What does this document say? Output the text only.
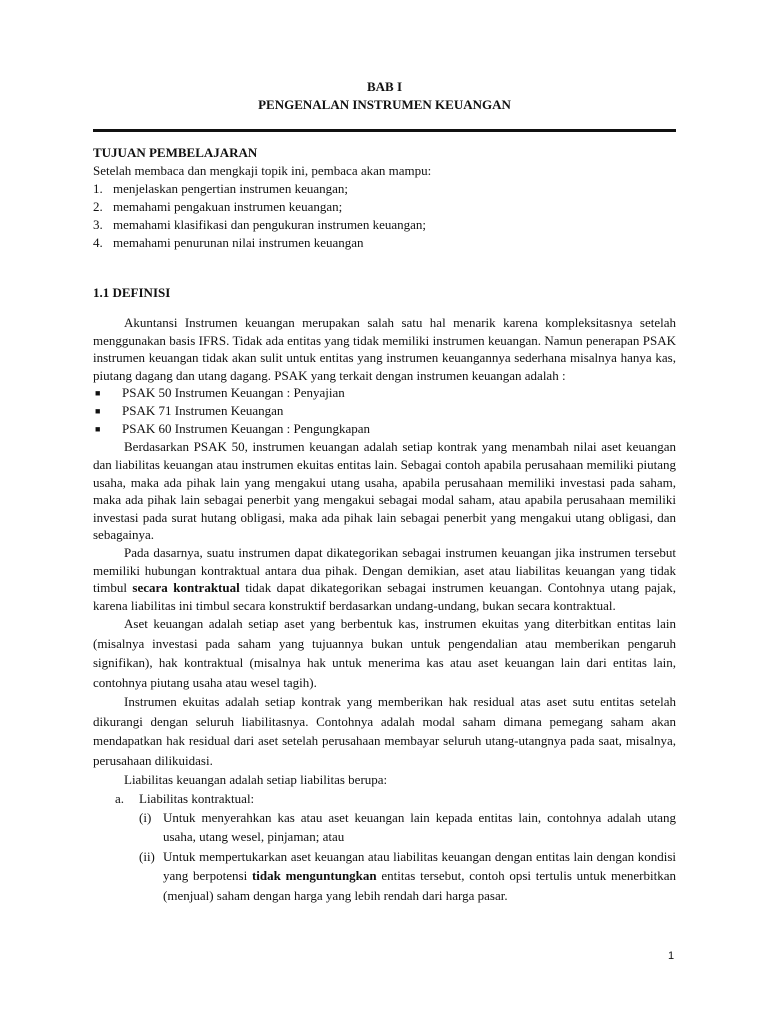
BAB I
PENGENALAN INSTRUMEN KEUANGAN
TUJUAN PEMBELAJARAN
Setelah membaca dan mengkaji topik ini, pembaca akan mampu:
1. menjelaskan pengertian instrumen keuangan;
2. memahami pengakuan instrumen keuangan;
3. memahami klasifikasi dan pengukuran instrumen keuangan;
4. memahami penurunan nilai instrumen keuangan
1.1 DEFINISI

Akuntansi Instrumen keuangan merupakan salah satu hal menarik karena kompleksitasnya setelah menggunakan basis IFRS. Tidak ada entitas yang tidak memiliki instrumen keuangan. Namun penerapan PSAK instrumen keuangan tidak akan sulit untuk entitas yang instrumen keuangannya sederhana misalnya hanya kas, piutang dagang dan utang dagang. PSAK yang terkait dengan instrumen keuangan adalah :

■	PSAK 50 Instrumen Keuangan : Penyajian
■	PSAK 71 Instrumen Keuangan
■	PSAK 60 Instrumen Keuangan : Pengungkapan

Berdasarkan PSAK 50, instrumen keuangan adalah setiap kontrak yang menambah nilai aset keuangan dan liabilitas keuangan atau instrumen ekuitas entitas lain. Sebagai contoh apabila perusahaan memiliki piutang usaha, maka ada pihak lain yang mengakui utang usaha, apabila perusahaan memiliki investasi pada saham, maka ada pihak lain sebagai penerbit yang mengakui sebagai modal saham, atau apabila perusahaan memiliki investasi pada surat hutang obligasi, maka ada pihak lain sebagai penerbit yang mengakui utang obligasi, dan sebagainya.

Pada dasarnya, suatu instrumen dapat dikategorikan sebagai instrumen keuangan jika instrumen tersebut memiliki hubungan kontraktual antara dua pihak. Dengan demikian, aset atau liabilitas keuangan yang tidak timbul secara kontraktual tidak dapat dikategorikan sebagai instrumen keuangan. Contohnya utang pajak, karena liabilitas ini timbul secara konstruktif berdasarkan undang-undang, bukan secara kontraktual.

Aset keuangan adalah setiap aset yang berbentuk kas, instrumen ekuitas yang diterbitkan entitas lain (misalnya investasi pada saham yang tujuannya bukan untuk pengendalian atau memberikan pengaruh signifikan), hak kontraktual (misalnya hak untuk menerima kas atau aset keuangan lain dari entitas lain, contohnya piutang usaha atau wesel tagih).

Instrumen ekuitas adalah setiap kontrak yang memberikan hak residual atas aset sutu entitas setelah dikurangi dengan seluruh liabilitasnya. Contohnya adalah modal saham dimana pemegang saham akan mendapatkan hak residual dari aset setelah perusahaan membayar seluruh utang-utangnya pada saat, misalnya, perusahaan dilikuidasi.

Liabilitas keuangan adalah setiap liabilitas berupa:

a.	Liabilitas kontraktual:
(i) Untuk menyerahkan kas atau aset keuangan lain kepada entitas lain, contohnya adalah utang usaha, utang wesel, pinjaman; atau
(ii) Untuk mempertukarkan aset keuangan atau liabilitas keuangan dengan entitas lain dengan kondisi yang berpotensi tidak menguntungkan entitas tersebut, contoh opsi tertulis untuk menerbitkan (menjual) saham dengan harga yang lebih rendah dari harga pasar.
1
